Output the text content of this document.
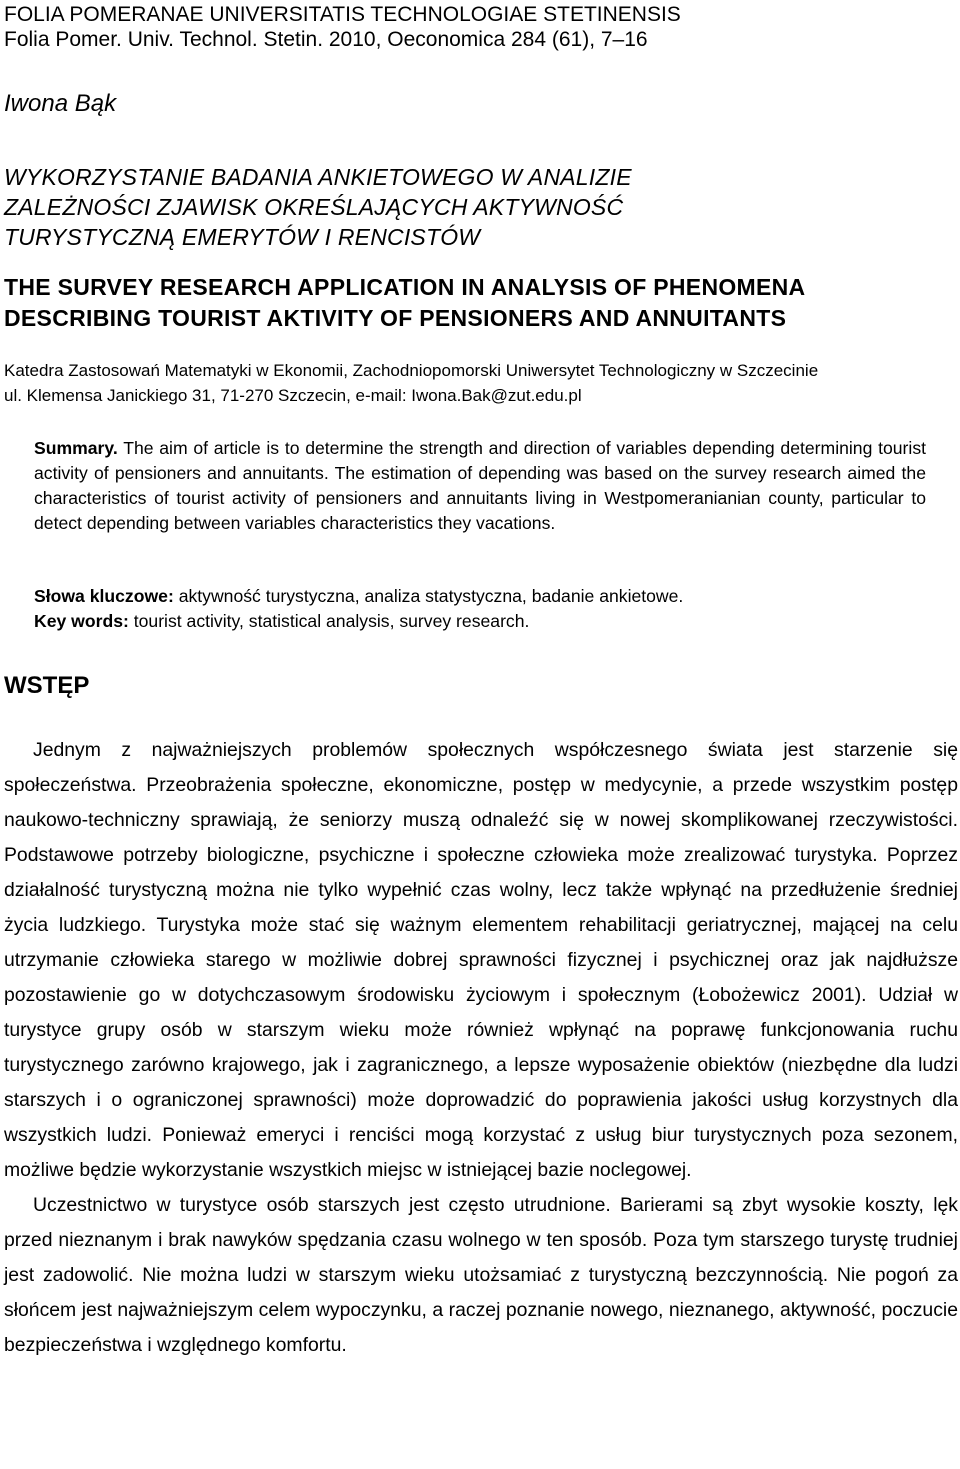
FOLIA POMERANAE UNIVERSITATIS TECHNOLOGIAE STETINENSIS
Folia Pomer. Univ. Technol. Stetin. 2010, Oeconomica 284 (61), 7–16
Iwona Bąk
WYKORZYSTANIE BADANIA ANKIETOWEGO W ANALIZIE
ZALEŻNOŚCI ZJAWISK OKREŚLAJĄCYCH AKTYWNOŚĆ
TURYSTYCZNĄ EMERYTÓW I RENCISTÓW
THE SURVEY RESEARCH APPLICATION IN ANALYSIS OF PHENOMENA
DESCRIBING TOURIST AKTIVITY OF PENSIONERS AND ANNUITANTS
Katedra Zastosowań Matematyki w Ekonomii, Zachodniopomorski Uniwersytet Technologiczny w Szczecinie
ul. Klemensa Janickiego 31, 71-270 Szczecin, e-mail: Iwona.Bak@zut.edu.pl
Summary. The aim of article is to determine the strength and direction of variables depending determining tourist activity of pensioners and annuitants. The estimation of depending was based on the survey research aimed the characteristics of tourist activity of pensioners and annuitants living in Westpomeranianian county, particular to detect depending between variables characteristics they vacations.
Słowa kluczowe: aktywność turystyczna, analiza statystyczna, badanie ankietowe.
Key words: tourist activity, statistical analysis, survey research.
WSTĘP

Jednym z najważniejszych problemów społecznych współczesnego świata jest starzenie się społeczeństwa. Przeobrażenia społeczne, ekonomiczne, postęp w medycynie, a przede wszystkim postęp naukowo-techniczny sprawiają, że seniorzy muszą odnaleźć się w nowej skomplikowanej rzeczywistości. Podstawowe potrzeby biologiczne, psychiczne i społeczne człowieka może zrealizować turystyka. Poprzez działalność turystyczną można nie tylko wypełnić czas wolny, lecz także wpłynąć na przedłużenie średniej życia ludzkiego. Turystyka może stać się ważnym elementem rehabilitacji geriatrycznej, mającej na celu utrzymanie człowieka starego w możliwie dobrej sprawności fizycznej i psychicznej oraz jak najdłuższe pozostawienie go w dotychczasowym środowisku życiowym i społecznym (Łobożewicz 2001). Udział w turystyce grupy osób w starszym wieku może również wpłynąć na poprawę funkcjonowania ruchu turystycznego zarówno krajowego, jak i zagranicznego, a lepsze wyposażenie obiektów (niezbędne dla ludzi starszych i o ograniczonej sprawności) może doprowadzić do poprawienia jakości usług korzystnych dla wszystkich ludzi. Ponieważ emeryci i renciści mogą korzystać z usług biur turystycznych poza sezonem, możliwe będzie wykorzystanie wszystkich miejsc w istniejącej bazie noclegowej.

Uczestnictwo w turystyce osób starszych jest często utrudnione. Barierami są zbyt wysokie koszty, lęk przed nieznanym i brak nawyków spędzania czasu wolnego w ten sposób. Poza tym starszego turystę trudniej jest zadowolić. Nie można ludzi w starszym wieku utożsamiać z turystyczną bezczynnością. Nie pogoń za słońcem jest najważniejszym celem wypoczynku, a raczej poznanie nowego, nieznanego, aktywność, poczucie bezpieczeństwa i względnego komfortu.
